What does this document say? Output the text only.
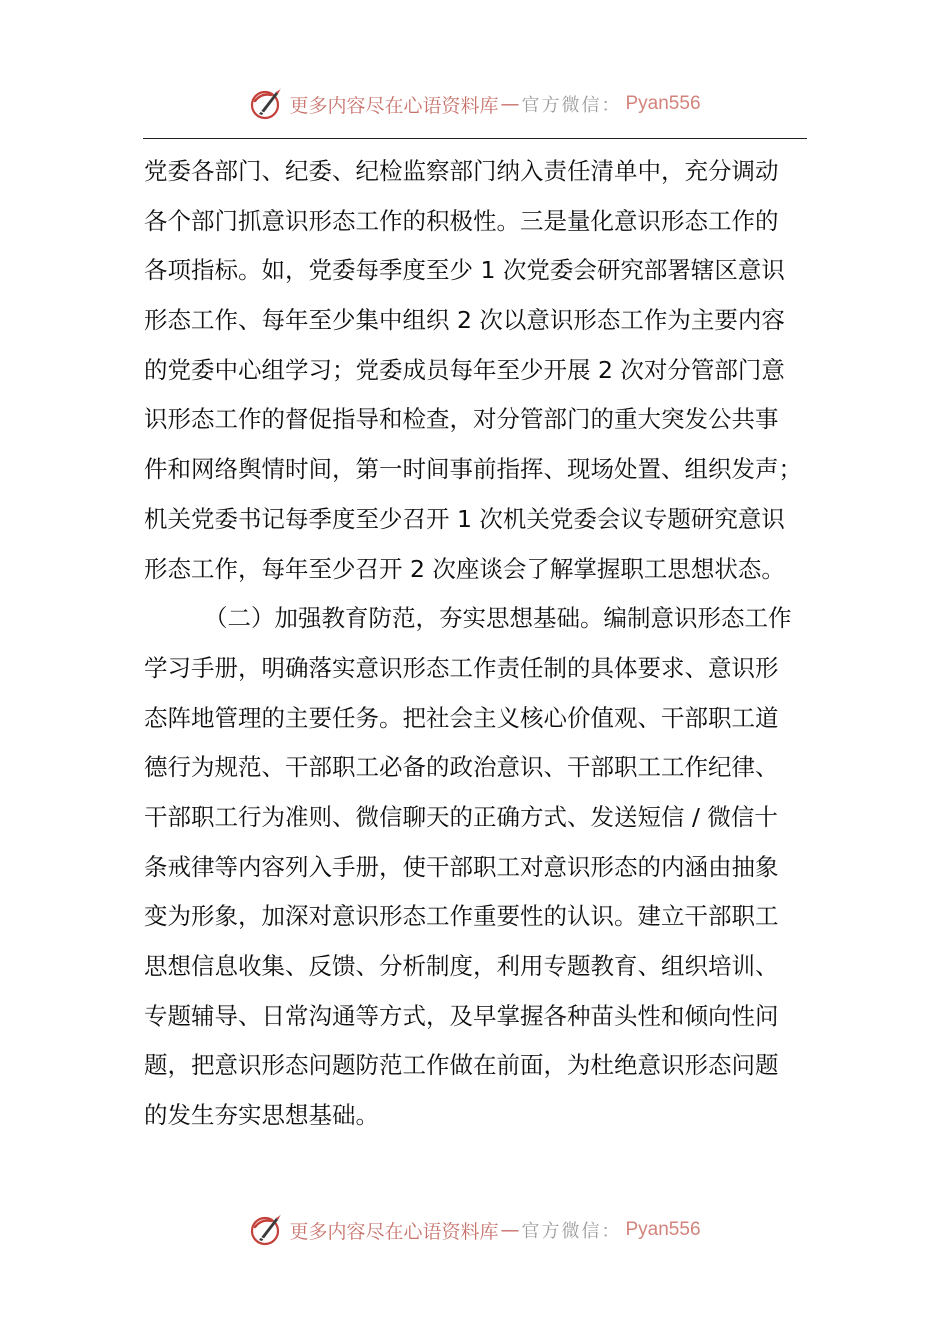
更多内容尽在心语资料库 — 官方微信： Pyan556
党委各部门、纪委、纪检监察部门纳入责任清单中，充分调动
各个部门抓意识形态工作的积极性。三是量化意识形态工作的
各项指标。如，党委每季度至少 1 次党委会研究部署辖区意识
形态工作、每年至少集中组织 2 次以意识形态工作为主要内容
的党委中心组学习；党委成员每年至少开展 2 次对分管部门意
识形态工作的督促指导和检查，对分管部门的重大突发公共事
件和网络舆情时间，第一时间事前指挥、现场处置、组织发声；
机关党委书记每季度至少召开 1 次机关党委会议专题研究意识
形态工作，每年至少召开 2 次座谈会了解掌握职工思想状态。
（二）加强教育防范，夯实思想基础。编制意识形态工作
学习手册，明确落实意识形态工作责任制的具体要求、意识形
态阵地管理的主要任务。把社会主义核心价值观、干部职工道
德行为规范、干部职工必备的政治意识、干部职工工作纪律、
干部职工行为准则、微信聊天的正确方式、发送短信 / 微信十
条戒律等内容列入手册，使干部职工对意识形态的内涵由抽象
变为形象，加深对意识形态工作重要性的认识。建立干部职工
思想信息收集、反馈、分析制度，利用专题教育、组织培训、
专题辅导、日常沟通等方式，及早掌握各种苗头性和倾向性问
题，把意识形态问题防范工作做在前面，为杜绝意识形态问题
的发生夯实思想基础。
更多内容尽在心语资料库 — 官方微信： Pyan556
